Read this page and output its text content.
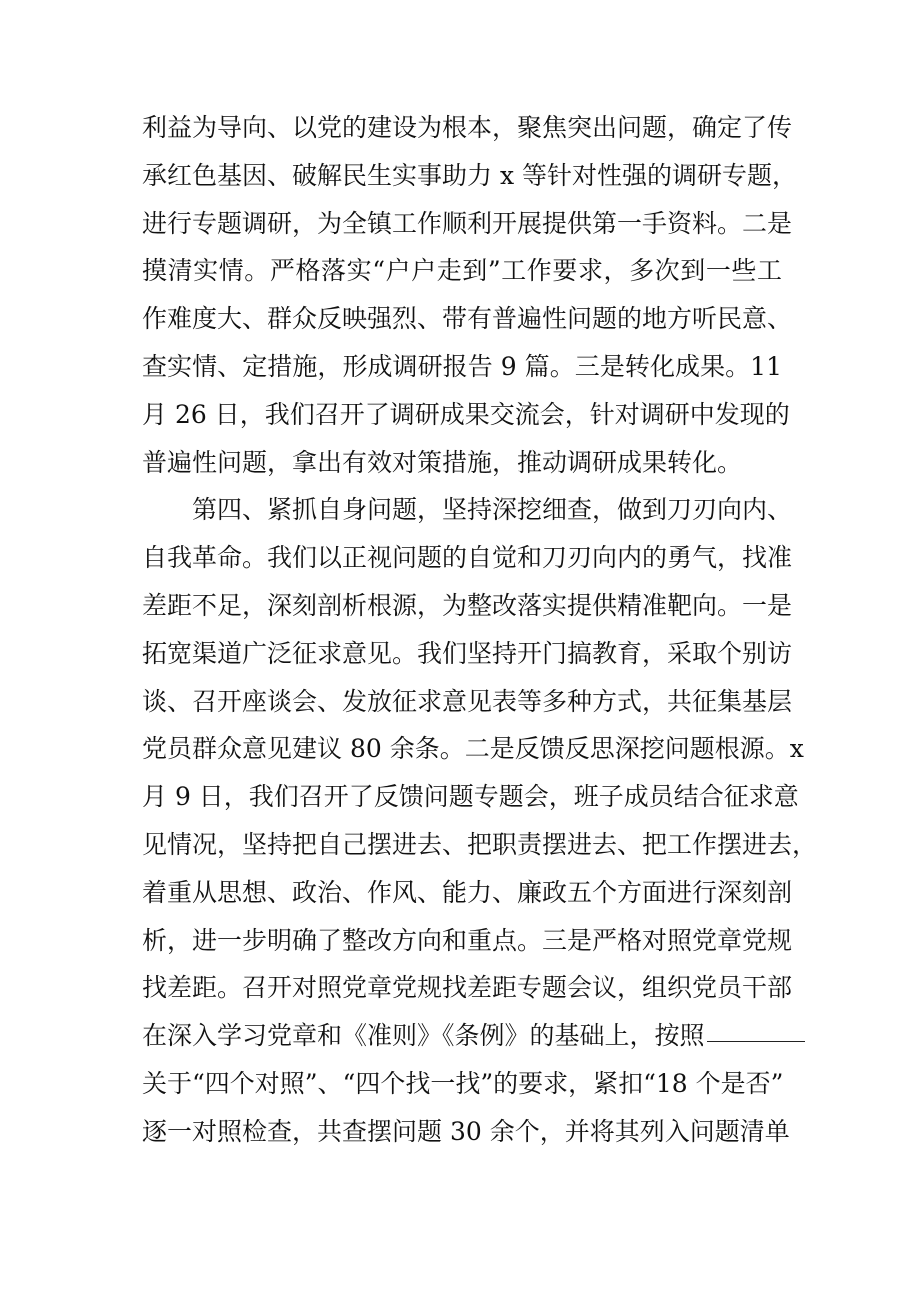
利益为导向、以党的建设为根本，聚焦突出问题，确定了传
承红色基因、破解民生实事助力 x 等针对性强的调研专题，
进行专题调研，为全镇工作顺利开展提供第一手资料。二是
摸清实情。严格落实“户户走到”工作要求，多次到一些工
作难度大、群众反映强烈、带有普遍性问题的地方听民意、
查实情、定措施，形成调研报告 9 篇。三是转化成果。11
月 26 日，我们召开了调研成果交流会，针对调研中发现的
普遍性问题，拿出有效对策措施，推动调研成果转化。
第四、紧抓自身问题，坚持深挖细查，做到刀刃向内、
自我革命。我们以正视问题的自觉和刀刃向内的勇气，找准
差距不足，深刻剖析根源，为整改落实提供精准靶向。一是
拓宽渠道广泛征求意见。我们坚持开门搞教育，采取个别访
谈、召开座谈会、发放征求意见表等多种方式，共征集基层
党员群众意见建议 80 余条。二是反馈反思深挖问题根源。x
月 9 日，我们召开了反馈问题专题会，班子成员结合征求意
见情况，坚持把自己摆进去、把职责摆进去、把工作摆进去，
着重从思想、政治、作风、能力、廉政五个方面进行深刻剖
析，进一步明确了整改方向和重点。三是严格对照党章党规
找差距。召开对照党章党规找差距专题会议，组织党员干部
在深入学习党章和《准则》《条例》的基础上，按照
关于“四个对照”、“四个找一找”的要求，紧扣“18 个是否”
逐一对照检查，共查摆问题 30 余个，并将其列入问题清单
